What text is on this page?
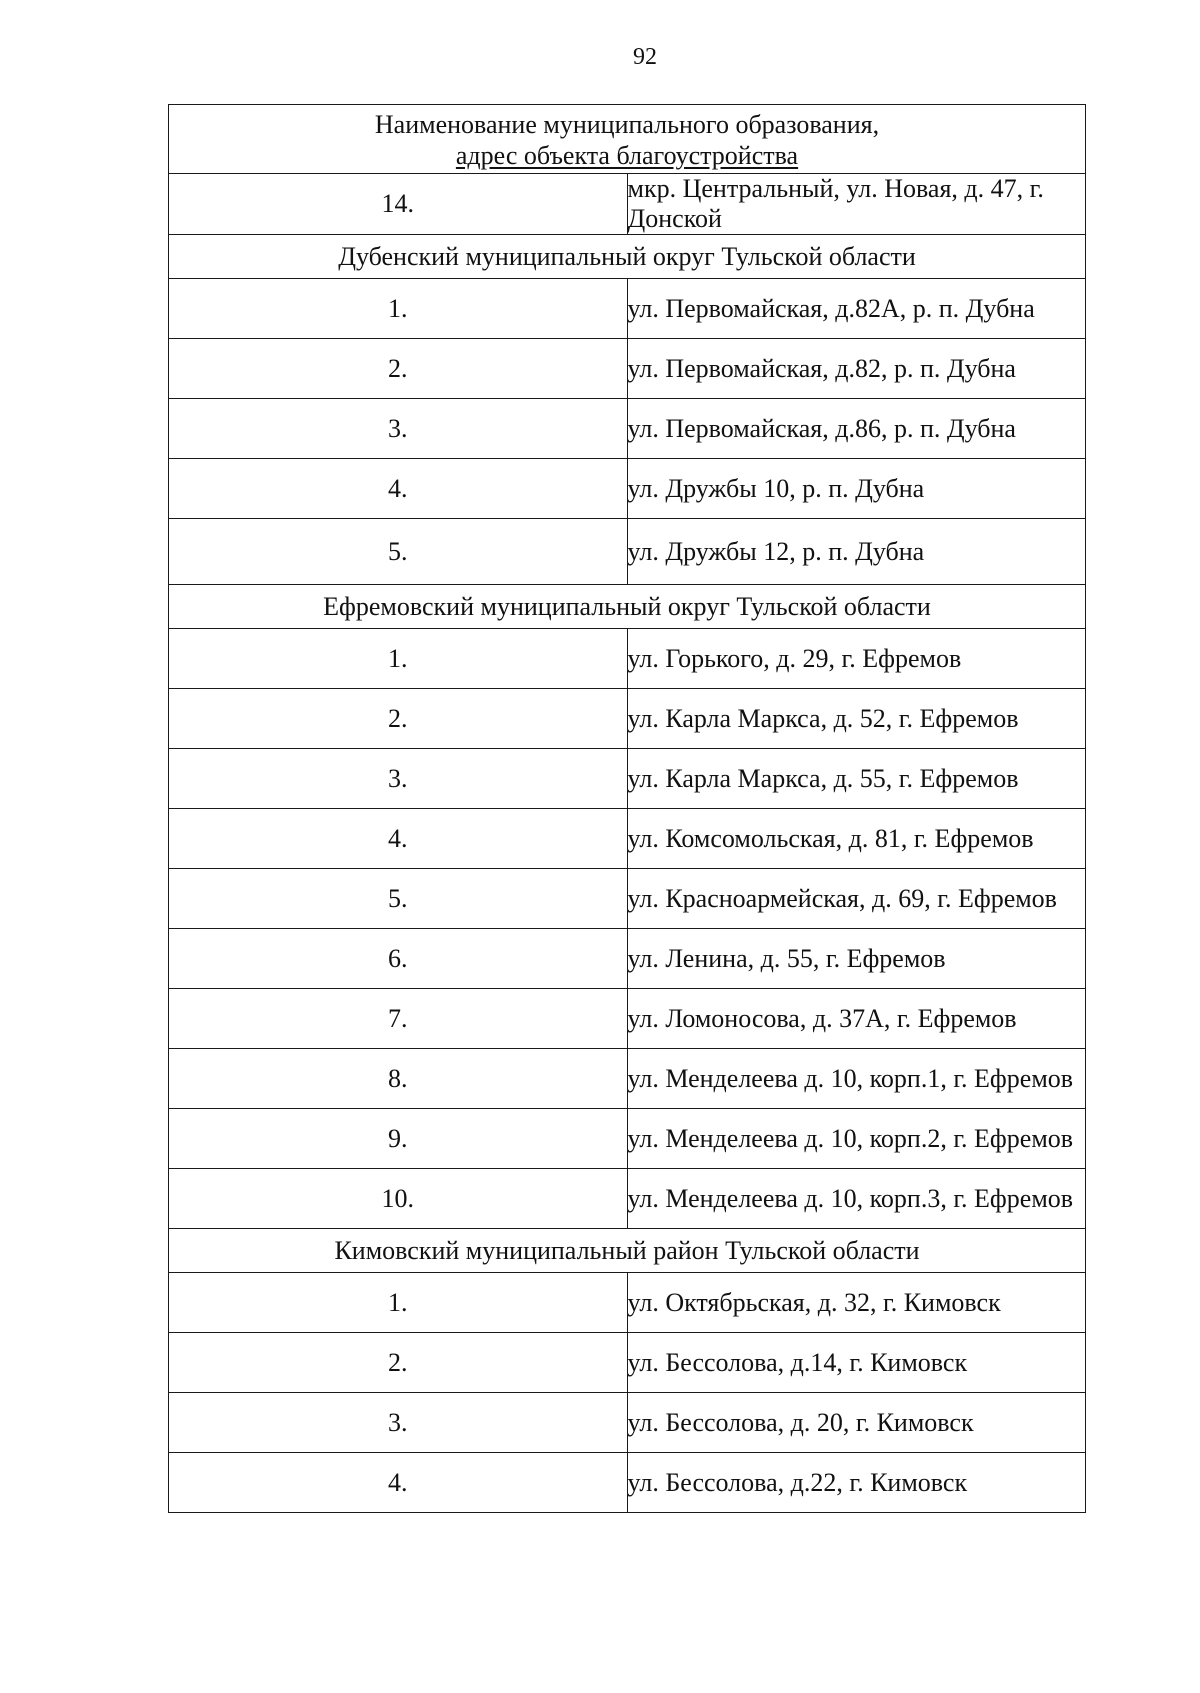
92
Наименование муниципального образования,
адрес объекта благоустройства	

14.	мкр. Центральный, ул. Новая, д. 47, г. Донской
Дубенский муниципальный округ Тульской области	
1.	ул. Первомайская, д.82А, р. п. Дубна
2.	ул. Первомайская, д.82, р. п. Дубна
3.	ул. Первомайская, д.86, р. п. Дубна
4.	ул. Дружбы 10, р. п. Дубна
5.	ул. Дружбы 12, р. п. Дубна
Ефремовский муниципальный округ Тульской области	
1.	ул. Горького, д. 29, г. Ефремов
2.	ул. Карла Маркса, д. 52, г. Ефремов
3.	ул. Карла Маркса, д. 55, г. Ефремов
4.	ул. Комсомольская, д. 81, г. Ефремов
5.	ул. Красноармейская, д. 69, г. Ефремов
6.	ул. Ленина, д. 55, г. Ефремов
7.	ул. Ломоносова, д. 37А, г. Ефремов
8.	ул. Менделеева д. 10, корп.1, г. Ефремов
9.	ул. Менделеева д. 10, корп.2, г. Ефремов
10.	ул. Менделеева д. 10, корп.3, г. Ефремов
Кимовский муниципальный район Тульской области	
1.	ул. Октябрьская, д. 32, г. Кимовск
2.	ул. Бессолова, д.14, г. Кимовск
3.	ул. Бессолова, д. 20, г. Кимовск
4.	ул. Бессолова, д.22, г. Кимовск
